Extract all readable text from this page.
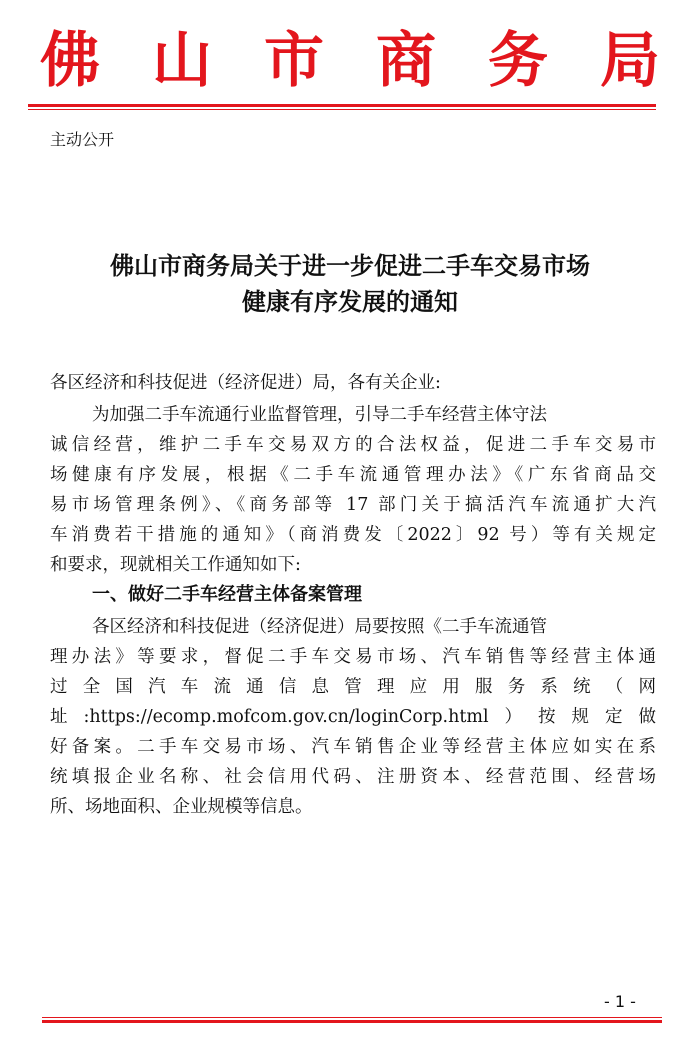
佛 山 市 商 务 局
主动公开
佛山市商务局关于进一步促进二手车交易市场
健康有序发展的通知
各区经济和科技促进（经济促进）局，各有关企业:
为加强二手车流通行业监督管理，引导二手车经营主体守法
诚信经营，维护二手车交易双方的合法权益，促进二手车交易市
场健康有序发展，根据《二手车流通管理办法》《广东省商品交
易市场管理条例》、《商务部等 17 部门关于搞活汽车流通扩大汽
车消费若干措施的通知》（商消费发〔2022〕92 号）等有关规定
和要求，现就相关工作通知如下:
一、做好二手车经营主体备案管理
各区经济和科技促进（经济促进）局要按照《二手车流通管
理办法》等要求，督促二手车交易市场、汽车销售等经营主体通
过全国汽车流通信息管理应用服务系统（网
址:https://ecomp.mofcom.gov.cn/loginCorp.html）按规定做
好备案。二手车交易市场、汽车销售企业等经营主体应如实在系
统填报企业名称、社会信用代码、注册资本、经营范围、经营场
所、场地面积、企业规模等信息。
- 1 -
